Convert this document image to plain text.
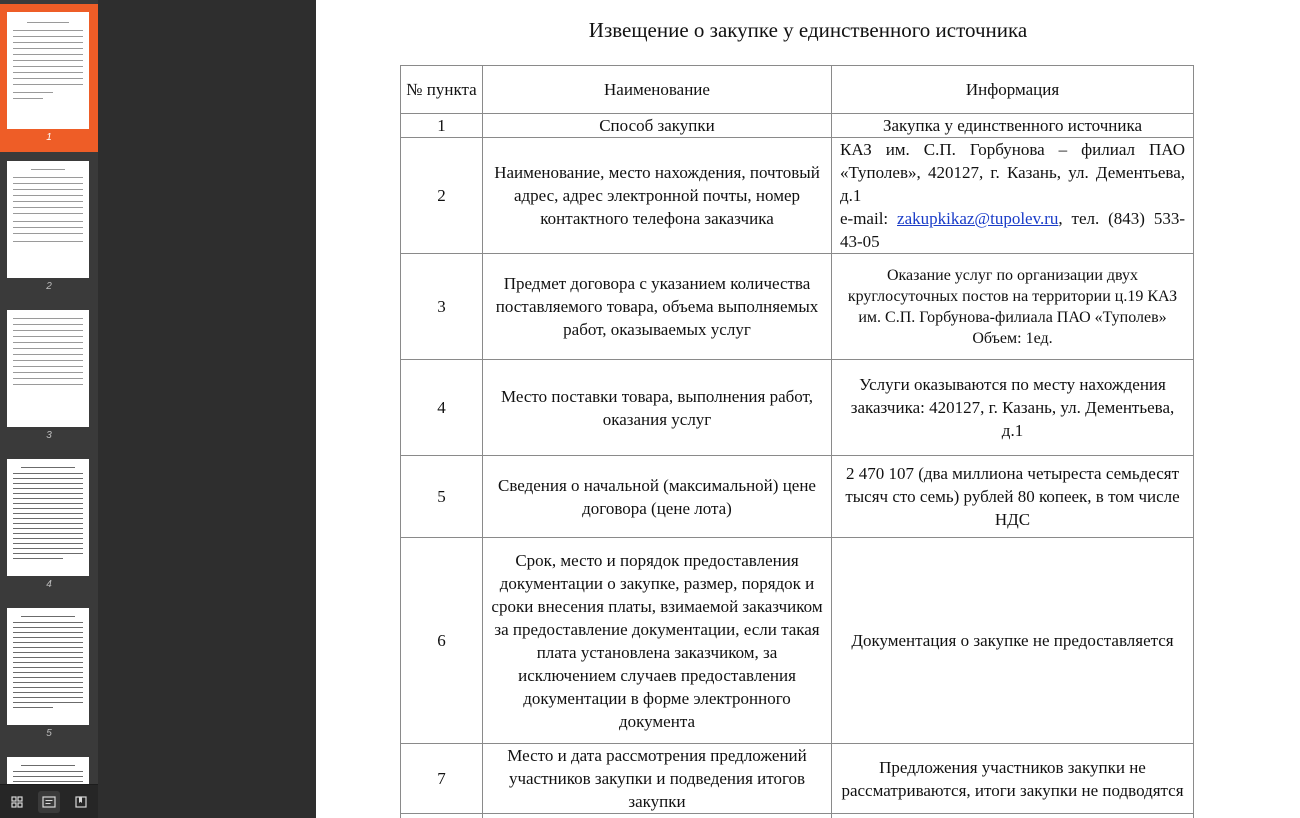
1
2
3
4
5
Извещение о закупке у единственного источника
№ пункта	Наименование	Информация
1	Способ закупки	Закупка у единственного источника
2	Наименование, место нахождения, почтовый адрес, адрес электронной почты, номер контактного телефона заказчика	КАЗ им. С.П. Горбунова – филиал ПАО «Туполев», 420127, г. Казань, ул. Дементьева, д.1
e-mail: zakupkikaz@tupolev.ru, тел. (843) 533-43-05
3	Предмет договора с указанием количества поставляемого товара, объема выполняемых работ, оказываемых услуг	Оказание услуг по организации двух круглосуточных постов на территории ц.19 КАЗ им. С.П. Горбунова-филиала ПАО «Туполев»
Объем: 1ед.

4	Место поставки товара, выполнения работ, оказания услуг	Услуги оказываются по месту нахождения заказчика: 420127, г. Казань, ул. Дементьева, д.1
5	Сведения о начальной (максимальной) цене договора (цене лота)	2 470 107 (два миллиона четыреста семьдесят тысяч сто семь) рублей 80 копеек, в том числе НДС
6	Срок, место и порядок предоставления документации о закупке, размер, порядок и сроки внесения платы, взимаемой заказчиком за предоставление документации, если такая плата установлена заказчиком, за исключением случаев предоставления документации в форме электронного документа	Документация о закупке не предоставляется
7	Место и дата рассмотрения предложений участников закупки и подведения итогов закупки	Предложения участников закупки не рассматриваются, итоги закупки не подводятся
